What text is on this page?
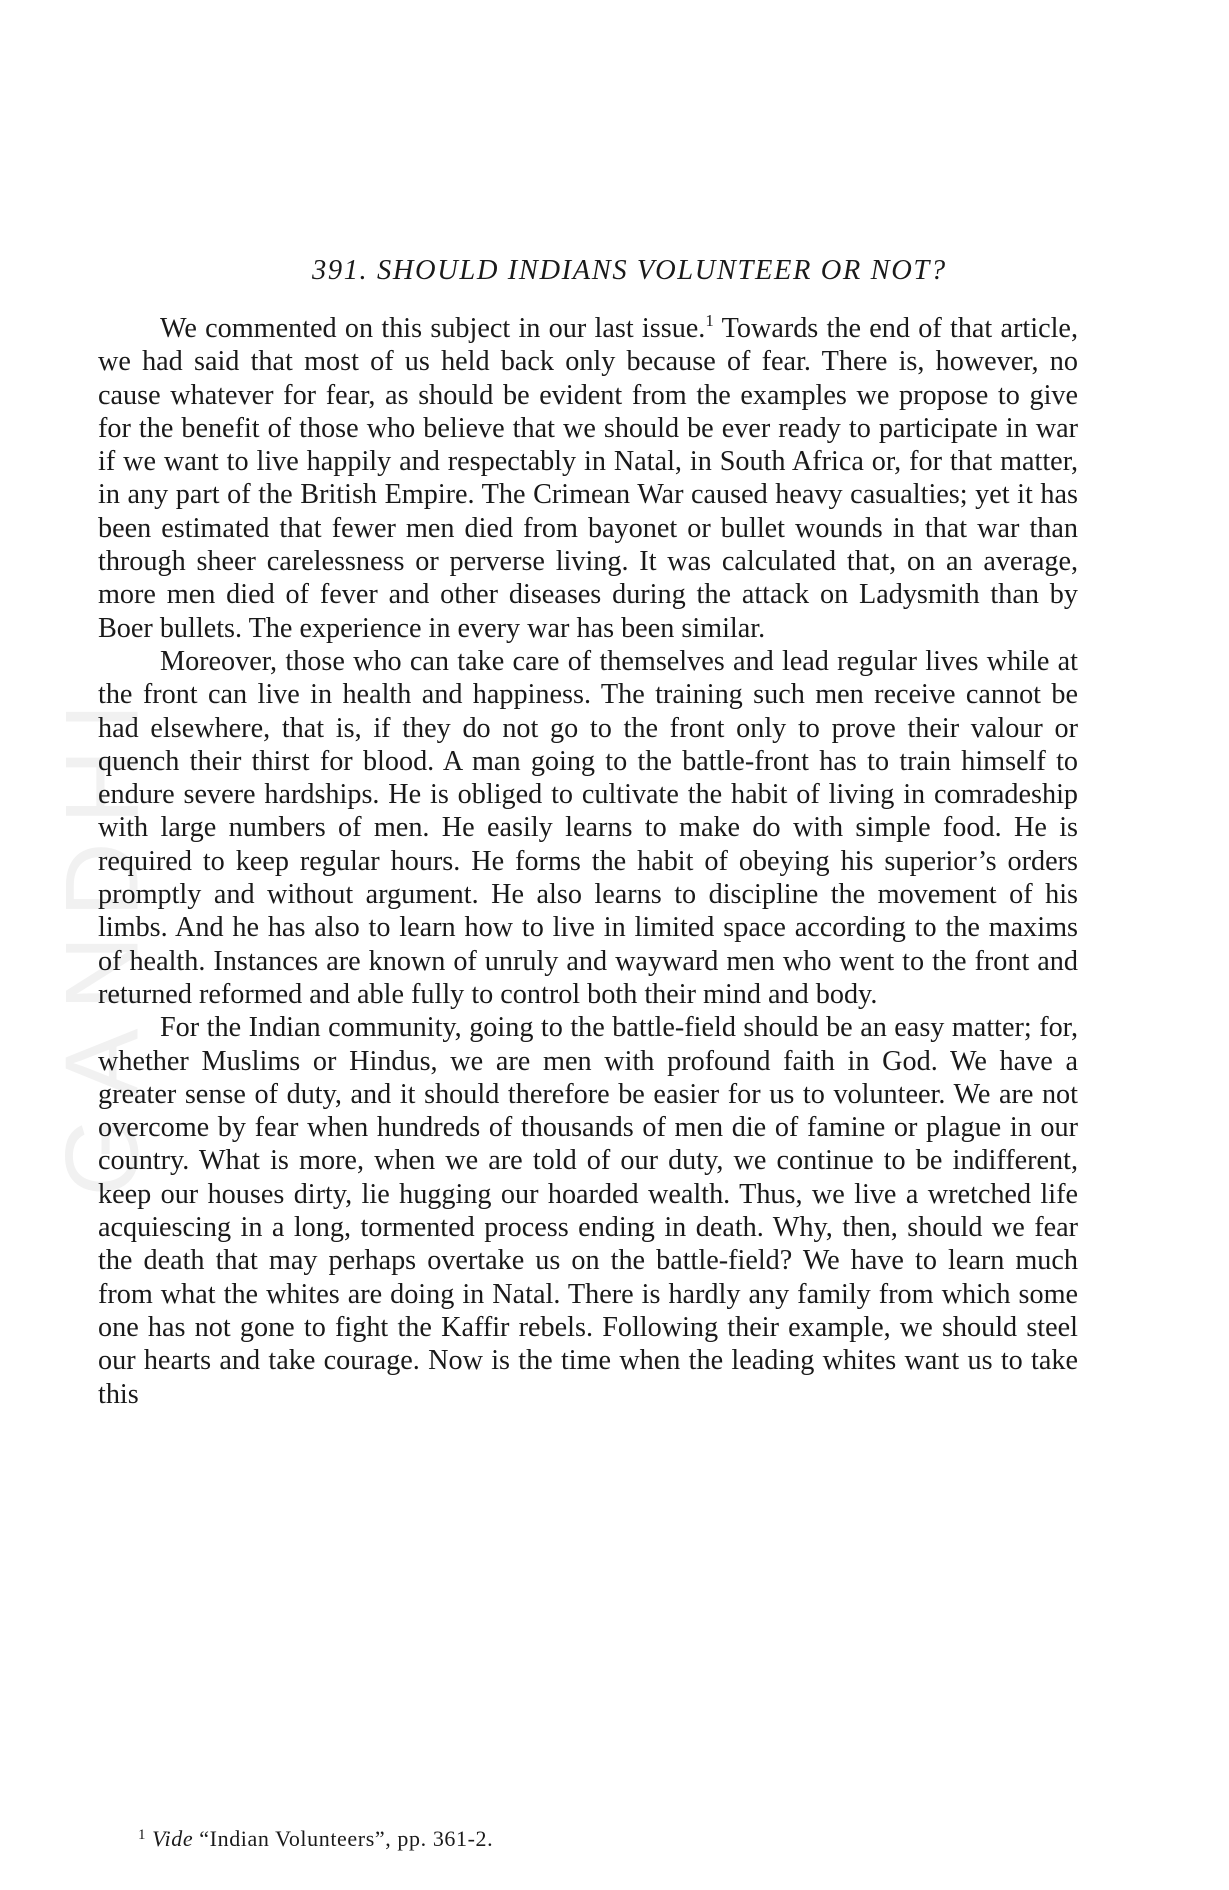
GANDHI
391. SHOULD INDIANS VOLUNTEER OR NOT?

We commented on this subject in our last issue.$^1$ Towards the end of that article, we had said that most of us held back only because of fear. There is, however, no cause whatever for fear, as should be evident from the examples we propose to give for the benefit of those who believe that we should be ever ready to participate in war if we want to live happily and respectably in Natal, in South Africa or, for that matter, in any part of the British Empire. The Crimean War caused heavy casualties; yet it has been estimated that fewer men died from bayonet or bullet wounds in that war than through sheer carelessness or perverse living. It was calculated that, on an average, more men died of fever and other diseases during the attack on Ladysmith than by Boer bullets. The experience in every war has been similar.

Moreover, those who can take care of themselves and lead regular lives while at the front can live in health and happiness. The training such men receive cannot be had elsewhere, that is, if they do not go to the front only to prove their valour or quench their thirst for blood. A man going to the battle-front has to train himself to endure severe hardships. He is obliged to cultivate the habit of living in comradeship with large numbers of men. He easily learns to make do with simple food. He is required to keep regular hours. He forms the habit of obeying his superior’s orders promptly and without argument. He also learns to discipline the movement of his limbs. And he has also to learn how to live in limited space according to the maxims of health. Instances are known of unruly and wayward men who went to the front and returned reformed and able fully to control both their mind and body.

For the Indian community, going to the battle-field should be an easy matter; for, whether Muslims or Hindus, we are men with profound faith in God. We have a greater sense of duty, and it should therefore be easier for us to volunteer. We are not overcome by fear when hundreds of thousands of men die of famine or plague in our country. What is more, when we are told of our duty, we continue to be indifferent, keep our houses dirty, lie hugging our hoarded wealth. Thus, we live a wretched life acquiescing in a long, tormented process ending in death. Why, then, should we fear the death that may perhaps overtake us on the battle-field? We have to learn much from what the whites are doing in Natal. There is hardly any family from which some one has not gone to fight the Kaffir rebels. Following their example, we should steel our hearts and take courage. Now is the time when the leading whites want us to take this

$^1$ Vide “Indian Volunteers”, pp. 361-2.
